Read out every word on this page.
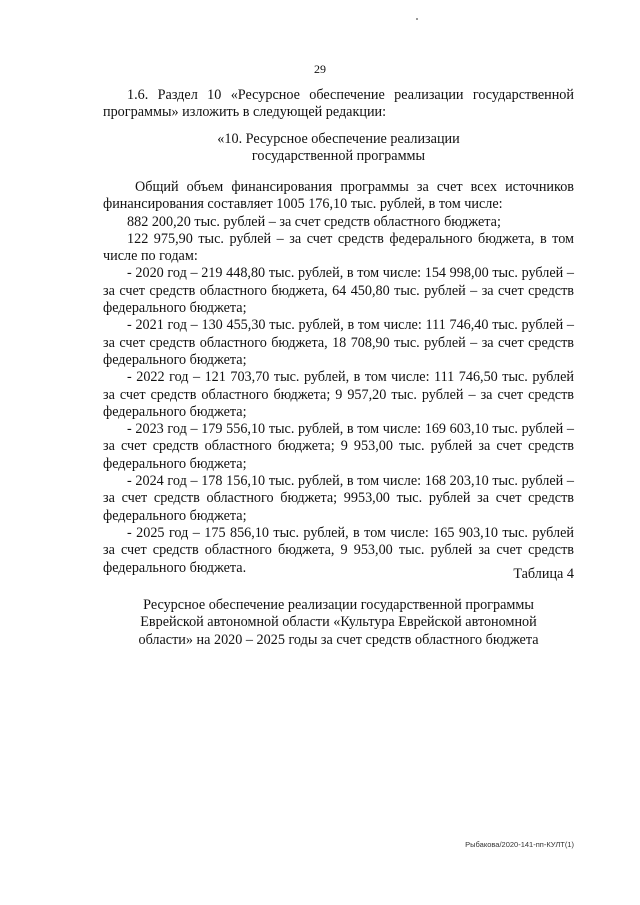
29

1.6. Раздел 10 «Ресурсное обеспечение реализации государственной программы» изложить в следующей редакции:

«10. Ресурсное обеспечение реализации

государственной программы

Общий объем финансирования программы за счет всех источников финансирования составляет 1005 176,10 тыс. рублей, в том числе:

882 200,20 тыс. рублей – за счет средств областного бюджета;

122 975,90 тыс. рублей – за счет средств федерального бюджета, в том числе по годам:

- 2020 год – 219 448,80 тыс. рублей, в том числе: 154 998,00 тыс. рублей – за счет средств областного бюджета, 64 450,80 тыс. рублей – за счет средств федерального бюджета;

- 2021 год – 130 455,30 тыс. рублей, в том числе: 111 746,40 тыс. рублей – за счет средств областного бюджета, 18 708,90 тыс. рублей – за счет средств федерального бюджета;

- 2022 год – 121 703,70 тыс. рублей, в том числе: 111 746,50 тыс. рублей за счет средств областного бюджета; 9 957,20 тыс. рублей – за счет средств федерального бюджета;

- 2023 год – 179 556,10 тыс. рублей, в том числе: 169 603,10 тыс. рублей – за счет средств областного бюджета; 9 953,00 тыс. рублей за счет средств федерального бюджета;

- 2024 год – 178 156,10 тыс. рублей, в том числе: 168 203,10 тыс. рублей – за счет средств областного бюджета; 9953,00 тыс. рублей за счет средств федерального бюджета;

- 2025 год – 175 856,10 тыс. рублей, в том числе: 165 903,10 тыс. рублей за счет средств областного бюджета, 9 953,00 тыс. рублей за счет средств федерального бюджета.	Таблица 4

Ресурсное обеспечение реализации государственной программы

Еврейской автономной области «Культура Еврейской автономной

области» на 2020 – 2025 годы за счет средств областного бюджета

Рыбакова/2020-141-пп-КУЛТ(1)
